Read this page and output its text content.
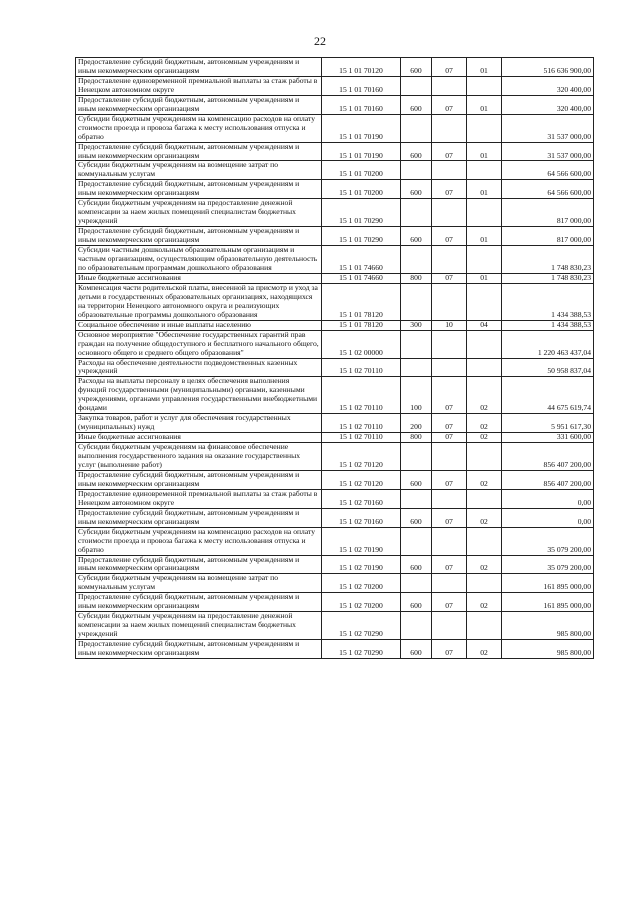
22
Предоставление субсидий бюджетным, автономным учреждениям и иным некоммерческим организациям	15 1 01 70120	600	07	01	516 636 900,00
Предоставление единовременной премиальной выплаты за стаж работы в Ненецком автономном округе	15 1 01 70160				320 400,00
Предоставление субсидий бюджетным, автономным учреждениям и иным некоммерческим организациям	15 1 01 70160	600	07	01	320 400,00
Субсидии бюджетным учреждениям на компенсацию расходов на оплату стоимости проезда и провоза багажа к месту использования отпуска и обратно	15 1 01 70190				31 537 000,00
Предоставление субсидий бюджетным, автономным учреждениям и иным некоммерческим организациям	15 1 01 70190	600	07	01	31 537 000,00
Субсидии бюджетным учреждениям на возмещение затрат по коммунальным услугам	15 1 01 70200				64 566 600,00
Предоставление субсидий бюджетным, автономным учреждениям и иным некоммерческим организациям	15 1 01 70200	600	07	01	64 566 600,00
Субсидии бюджетным учреждениям на предоставление денежной компенсации за наем жилых помещений специалистам бюджетных учреждений	15 1 01 70290				817 000,00
Предоставление субсидий бюджетным, автономным учреждениям и иным некоммерческим организациям	15 1 01 70290	600	07	01	817 000,00
Субсидии частным дошкольным образовательным организациям и частным организациям, осуществляющим образовательную деятельность по образовательным программам дошкольного образования	15 1 01 74660				1 748 830,23
Иные бюджетные ассигнования	15 1 01 74660	800	07	01	1 748 830,23
Компенсация части родительской платы, внесенной за присмотр и уход за детьми в государственных образовательных организациях, находящихся на территории Ненецкого автономного округа и реализующих образовательные программы дошкольного образования	15 1 01 78120				1 434 388,53
Социальное обеспечение и иные выплаты населению	15 1 01 78120	300	10	04	1 434 388,53
Основное мероприятие "Обеспечение государственных гарантий прав граждан на получение общедоступного и бесплатного начального общего, основного общего и среднего общего образования"	15 1 02 00000				1 220 463 437,04
Расходы на обеспечение деятельности подведомственных казенных учреждений	15 1 02 70110				50 958 837,04
Расходы на выплаты персоналу в целях обеспечения выполнения функций государственными (муниципальными) органами, казенными учреждениями, органами управления государственными внебюджетными фондами	15 1 02 70110	100	07	02	44 675 619,74
Закупка товаров, работ и услуг для обеспечения государственных (муниципальных) нужд	15 1 02 70110	200	07	02	5 951 617,30
Иные бюджетные ассигнования	15 1 02 70110	800	07	02	331 600,00
Субсидии бюджетным учреждениям на финансовое обеспечение выполнения государственного задания на оказание государственных услуг (выполнение работ)	15 1 02 70120				856 407 200,00
Предоставление субсидий бюджетным, автономным учреждениям и иным некоммерческим организациям	15 1 02 70120	600	07	02	856 407 200,00
Предоставление единовременной премиальной выплаты за стаж работы в Ненецком автономном округе	15 1 02 70160				0,00
Предоставление субсидий бюджетным, автономным учреждениям и иным некоммерческим организациям	15 1 02 70160	600	07	02	0,00
Субсидии бюджетным учреждениям на компенсацию расходов на оплату стоимости проезда и провоза багажа к месту использования отпуска и обратно	15 1 02 70190				35 079 200,00
Предоставление субсидий бюджетным, автономным учреждениям и иным некоммерческим организациям	15 1 02 70190	600	07	02	35 079 200,00
Субсидии бюджетным учреждениям на возмещение затрат по коммунальным услугам	15 1 02 70200				161 895 000,00
Предоставление субсидий бюджетным, автономным учреждениям и иным некоммерческим организациям	15 1 02 70200	600	07	02	161 895 000,00
Субсидии бюджетным учреждениям на предоставление денежной компенсации за наем жилых помещений специалистам бюджетных учреждений	15 1 02 70290				985 800,00
Предоставление субсидий бюджетным, автономным учреждениям и иным некоммерческим организациям	15 1 02 70290	600	07	02	985 800,00
